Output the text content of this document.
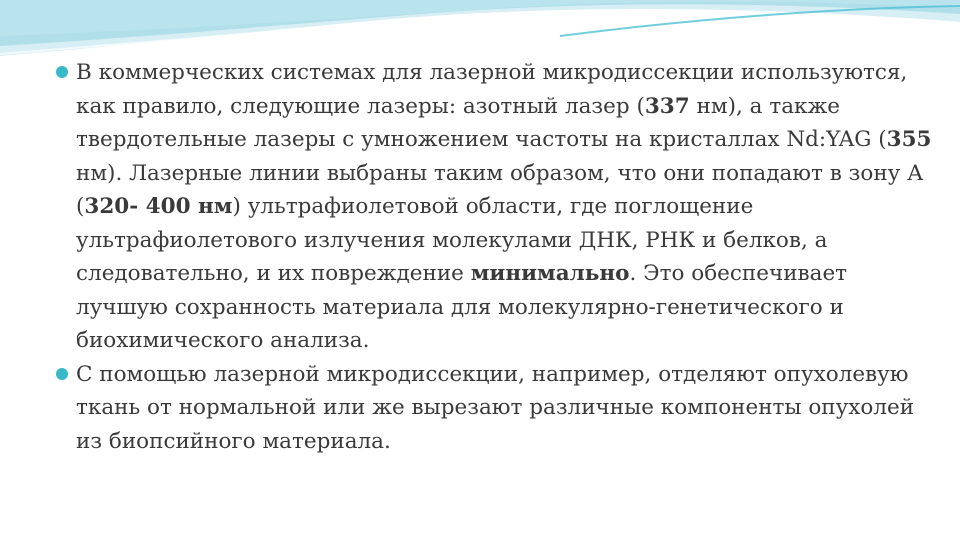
В коммерческих системах для лазерной микродиссекции используются, как правило, следующие лазеры: азотный лазер (337 нм), а также твердотельные лазеры с умножением частоты на кристаллах Nd:YAG (355 нм). Лазерные линии выбраны таким образом, что они попадают в зону А (320- 400 нм) ультрафиолетовой области, где поглощение ультрафиолетового излучения молекулами ДНК, РНК и белков, а следовательно, и их повреждение минимально. Это обеспечивает лучшую сохранность материала для молекулярно-генетического и биохимического анализа.

С помощью лазерной микродиссекции, например, отделяют опухолевую ткань от нормальной или же вырезают различные компоненты опухолей из биопсийного материала.
